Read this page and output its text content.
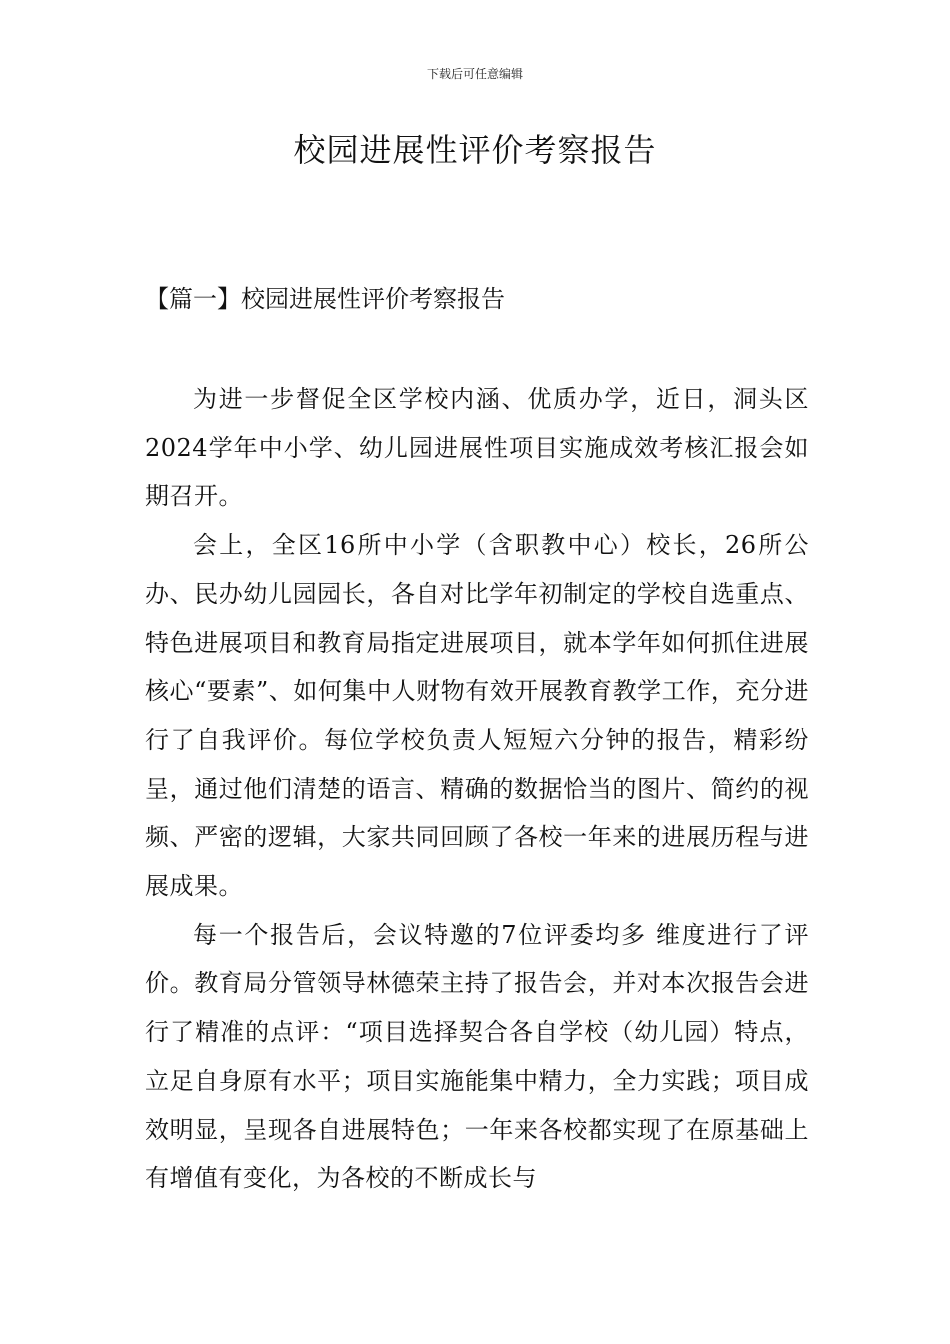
下载后可任意编辑
校园进展性评价考察报告
【篇一】校园进展性评价考察报告

为进一步督促全区学校内涵、优质办学，近日，洞头区2024学年中小学、幼儿园进展性项目实施成效考核汇报会如期召开。

会上，全区16所中小学（含职教中心）校长，26所公办、民办幼儿园园长，各自对比学年初制定的学校自选重点、特色进展项目和教育局指定进展项目，就本学年如何抓住进展核心“要素”、如何集中人财物有效开展教育教学工作，充分进行了自我评价。每位学校负责人短短六分钟的报告，精彩纷呈，通过他们清楚的语言、精确的数据恰当的图片、简约的视频、严密的逻辑，大家共同回顾了各校一年来的进展历程与进展成果。

每一个报告后，会议特邀的7位评委均多 维度进行了评价。教育局分管领导林德荣主持了报告会，并对本次报告会进行了精准的点评：“项目选择契合各自学校（幼儿园）特点，立足自身原有水平；项目实施能集中精力，全力实践；项目成效明显，呈现各自进展特色；一年来各校都实现了在原基础上有增值有变化，为各校的不断成长与
